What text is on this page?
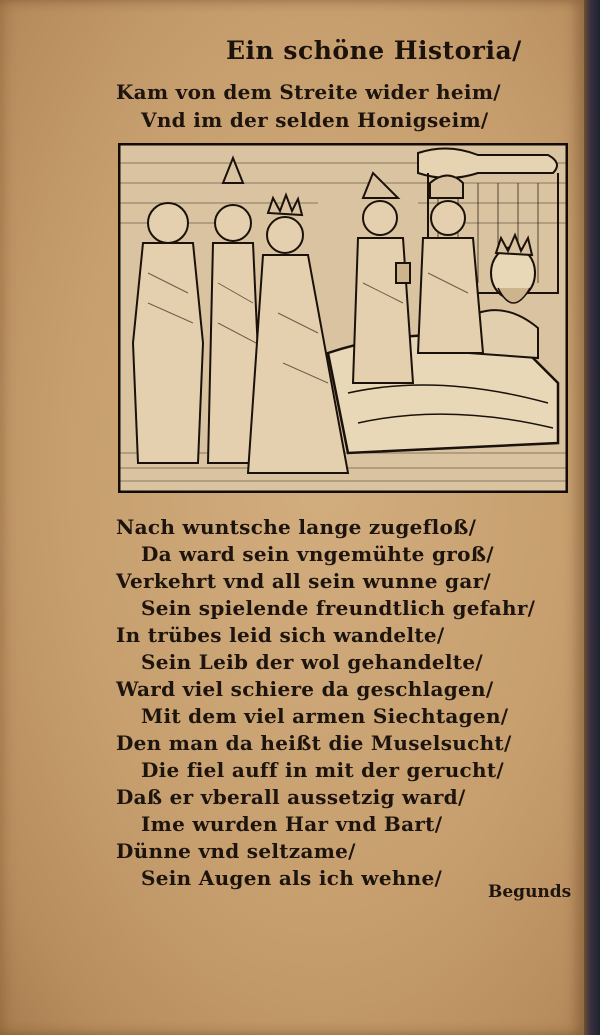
Ein schöne Historia/
Kam von dem Streite wider heim/
Vnd im der selden Honigseim/
Nach wuntsche lange zugefloß/
Da ward sein vngemühte groß/
Verkehrt vnd all sein wunne gar/
Sein spielende freundtlich gefahr/
In trübes leid sich wandelte/
Sein Leib der wol gehandelte/
Ward viel schiere da geschlagen/
Mit dem viel armen Siechtagen/
Den man da heißt die Muselsucht/
Die fiel auff in mit der gerucht/
Daß er vberall aussetzig ward/
Ime wurden Har vnd Bart/
Dünne vnd seltzame/
Sein Augen als ich wehne/
Begunds
